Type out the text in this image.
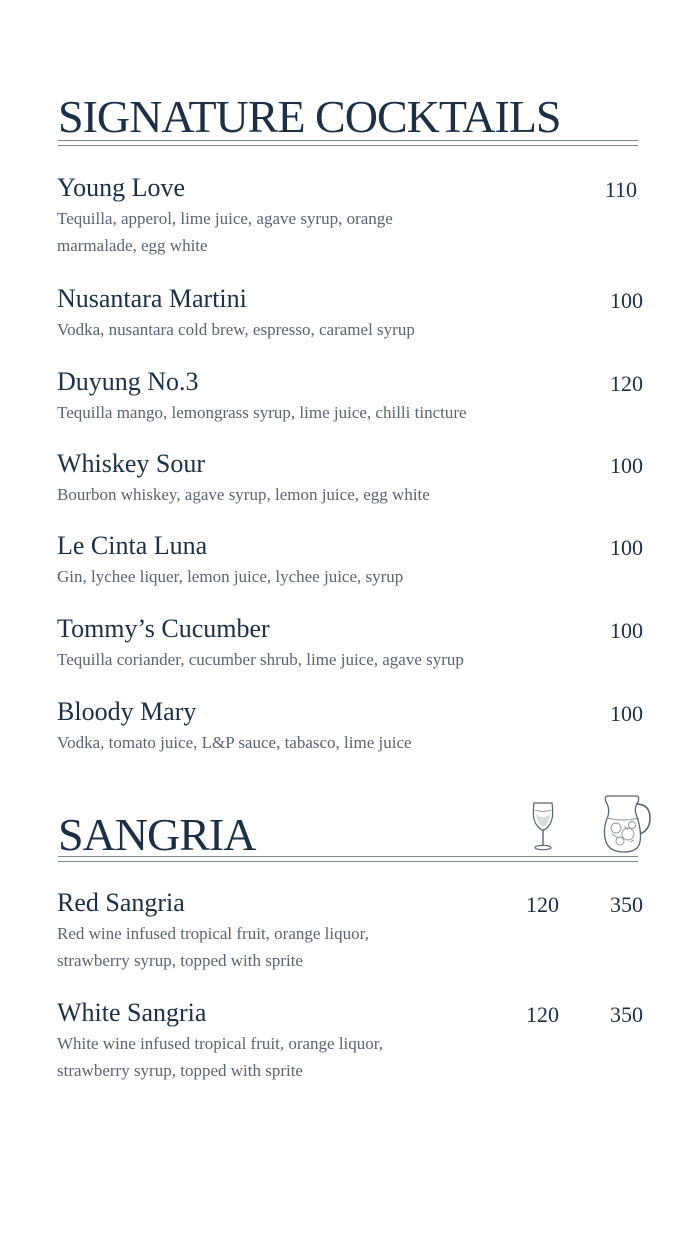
SIGNATURE COCKTAILS
Young Love
Tequilla, apperol, lime juice, agave syrup, orange marmalade, egg white
110
Nusantara Martini
Vodka, nusantara cold brew, espresso, caramel syrup
100
Duyung No.3
Tequilla mango, lemongrass syrup, lime juice, chilli tincture
120
Whiskey Sour
Bourbon whiskey, agave syrup, lemon juice, egg white
100
Le Cinta Luna
Gin, lychee liquer, lemon juice, lychee juice, syrup
100
Tommy’s Cucumber
Tequilla coriander, cucumber shrub, lime juice, agave syrup
100
Bloody Mary
Vodka, tomato juice, L&P sauce, tabasco, lime juice
100
SANGRIA
Red Sangria
Red wine infused tropical fruit, orange liquor, strawberry syrup, topped with sprite
120	350
White Sangria
White wine infused tropical fruit, orange liquor, strawberry syrup, topped with sprite
120	350
